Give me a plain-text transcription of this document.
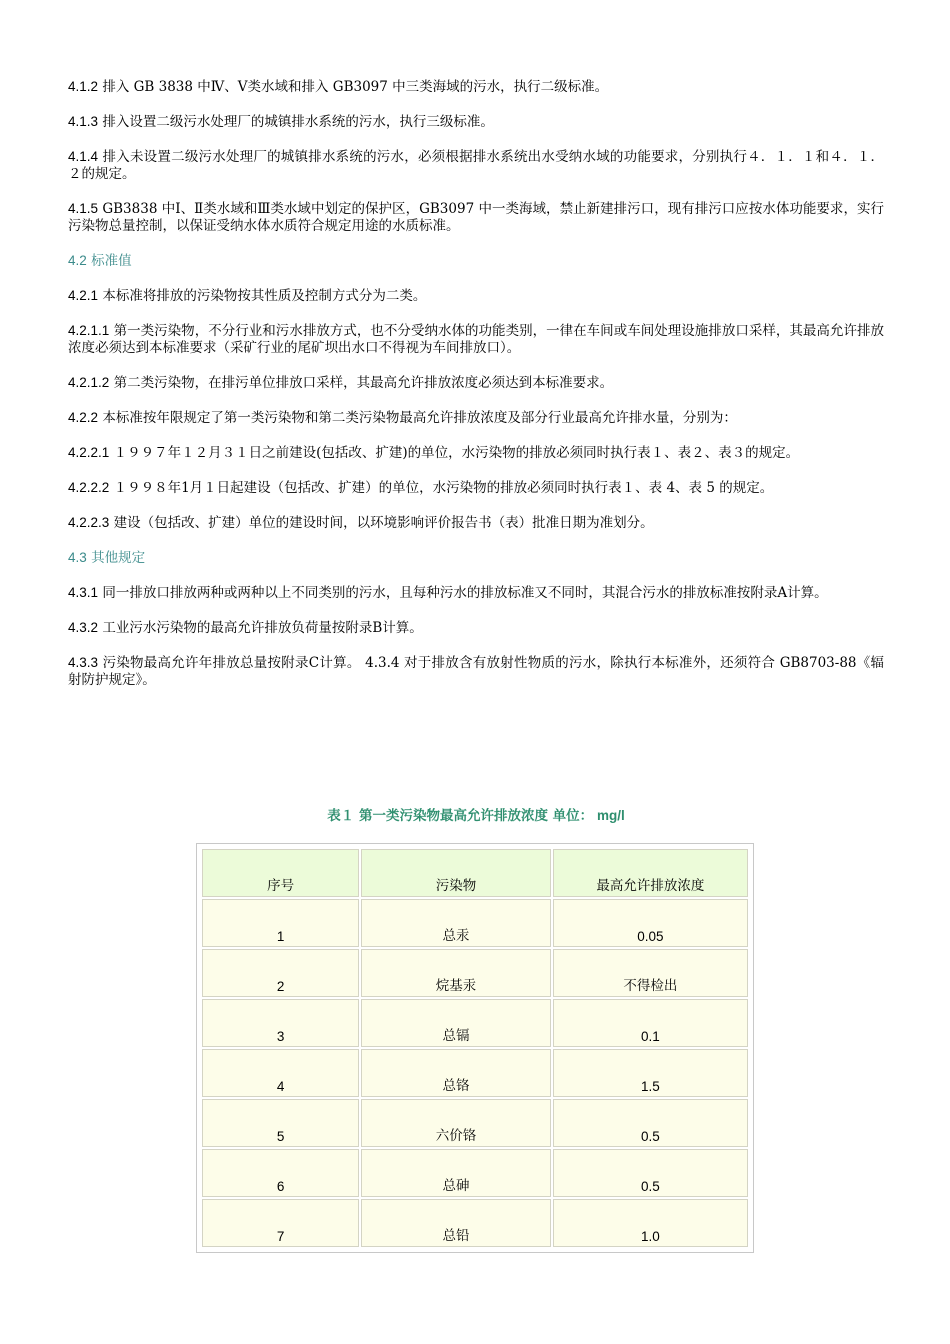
4.1.2 排入 GB 3838 中Ⅳ、Ⅴ类水域和排入 GB3097 中三类海域的污水，执行二级标准。

4.1.3 排入设置二级污水处理厂的城镇排水系统的污水，执行三级标准。

4.1.4 排入未设置二级污水处理厂的城镇排水系统的污水，必须根据排水系统出水受纳水域的功能要求，分别执行４．１．１和４．１．２的规定。

4.1.5 GB3838 中Ⅰ、Ⅱ类水域和Ⅲ类水域中划定的保护区，GB3097 中一类海域，禁止新建排污口，现有排污口应按水体功能要求，实行污染物总量控制，以保证受纳水体水质符合规定用途的水质标准。

4.2 标准值

4.2.1 本标准将排放的污染物按其性质及控制方式分为二类。

4.2.1.1 第一类污染物，不分行业和污水排放方式，也不分受纳水体的功能类别，一律在车间或车间处理设施排放口采样，其最高允许排放浓度必须达到本标准要求（采矿行业的尾矿坝出水口不得视为车间排放口）。

4.2.1.2 第二类污染物，在排污单位排放口采样，其最高允许排放浓度必须达到本标准要求。

4.2.2 本标准按年限规定了第一类污染物和第二类污染物最高允许排放浓度及部分行业最高允许排水量，分别为：

4.2.2.1 １９９７年１２月３１日之前建设(包括改、扩建)的单位，水污染物的排放必须同时执行表１、表２、表３的规定。

4.2.2.2 １９９８年1月１日起建设（包括改、扩建）的单位，水污染物的排放必须同时执行表１、表 4、表 5 的规定。

4.2.2.3 建设（包括改、扩建）单位的建设时间，以环境影响评价报告书（表）批准日期为准划分。

4.3 其他规定

4.3.1 同一排放口排放两种或两种以上不同类别的污水，且每种污水的排放标准又不同时，其混合污水的排放标准按附录A计算。

4.3.2 工业污水污染物的最高允许排放负荷量按附录B计算。

4.3.3 污染物最高允许年排放总量按附录C计算。 4.3.4 对于排放含有放射性物质的污水，除执行本标准外，还须符合 GB8703-88《辐射防护规定》。

表１ 第一类污染物最高允许排放浓度 单位： mg/l
序号	污染物	最高允许排放浓度
1	总汞	0.05
2	烷基汞	不得检出
3	总镉	0.1
4	总铬	1.5
5	六价铬	0.5
6	总砷	0.5
7	总铅	1.0
